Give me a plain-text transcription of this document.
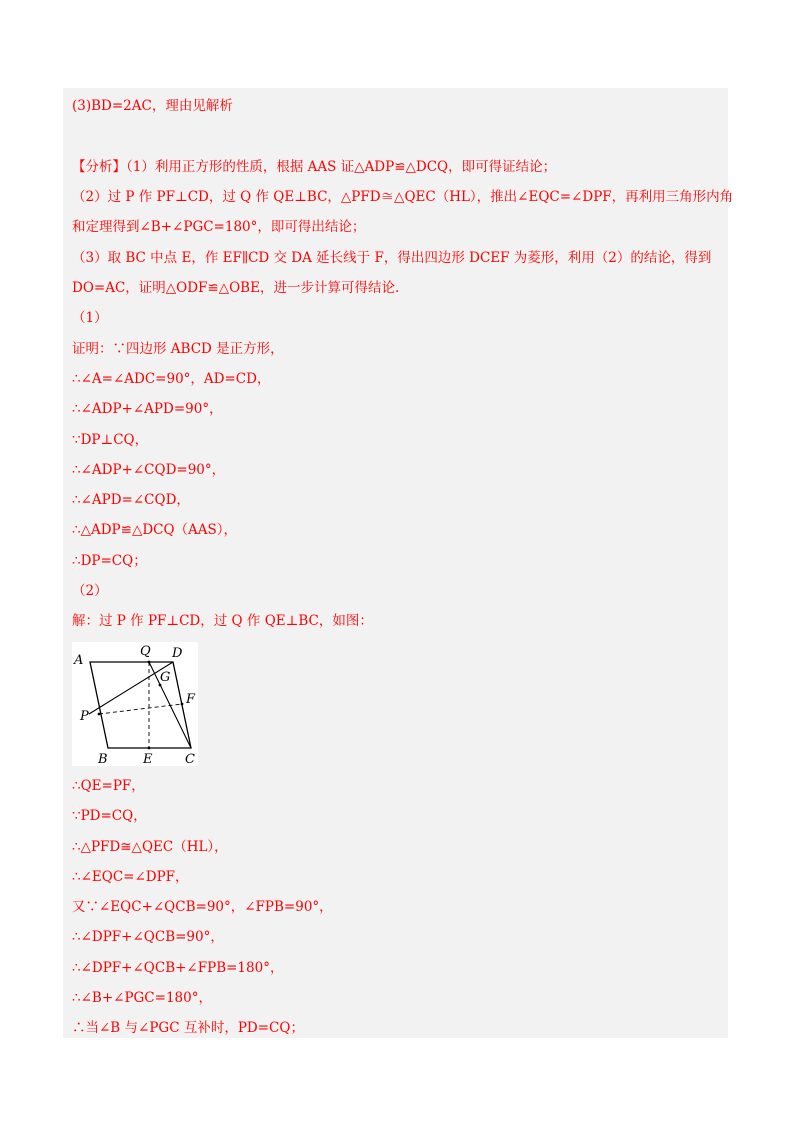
(3)BD=2AC，理由见解析
【分析】（1）利用正方形的性质，根据 AAS 证△ADP≌△DCQ，即可得证结论；
（2）过 P 作 PF⊥CD，过 Q 作 QE⊥BC，△PFD≅△QEC（HL），推出∠EQC=∠DPF，再利用三角形内角
和定理得到∠B+∠PGC=180°，即可得出结论；
（3）取 BC 中点 E，作 EF∥CD 交 DA 延长线于 F，得出四边形 DCEF 为菱形，利用（2）的结论，得到
DO=AC，证明△ODF≌△OBE，进一步计算可得结论.
（1）
证明：∵四边形 ABCD 是正方形，
∴∠A=∠ADC=90°，AD=CD，
∴∠ADP+∠APD=90°，
∵DP⊥CQ，
∴∠ADP+∠CQD=90°，
∴∠APD=∠CQD，
∴△ADP≌△DCQ（AAS），
∴DP=CQ；
（2）
解：过 P 作 PF⊥CD，过 Q 作 QE⊥BC，如图：
A
Q D
G
F
P
B	E	C
∴QE=PF，
∵PD=CQ，
∴△PFD≅△QEC（HL），
∴∠EQC=∠DPF，
又∵∠EQC+∠QCB=90°，∠FPB=90°，
∴∠DPF+∠QCB=90°，
∴∠DPF+∠QCB+∠FPB=180°，
∴∠B+∠PGC=180°，
∴当∠B 与∠PGC 互补时，PD=CQ；
